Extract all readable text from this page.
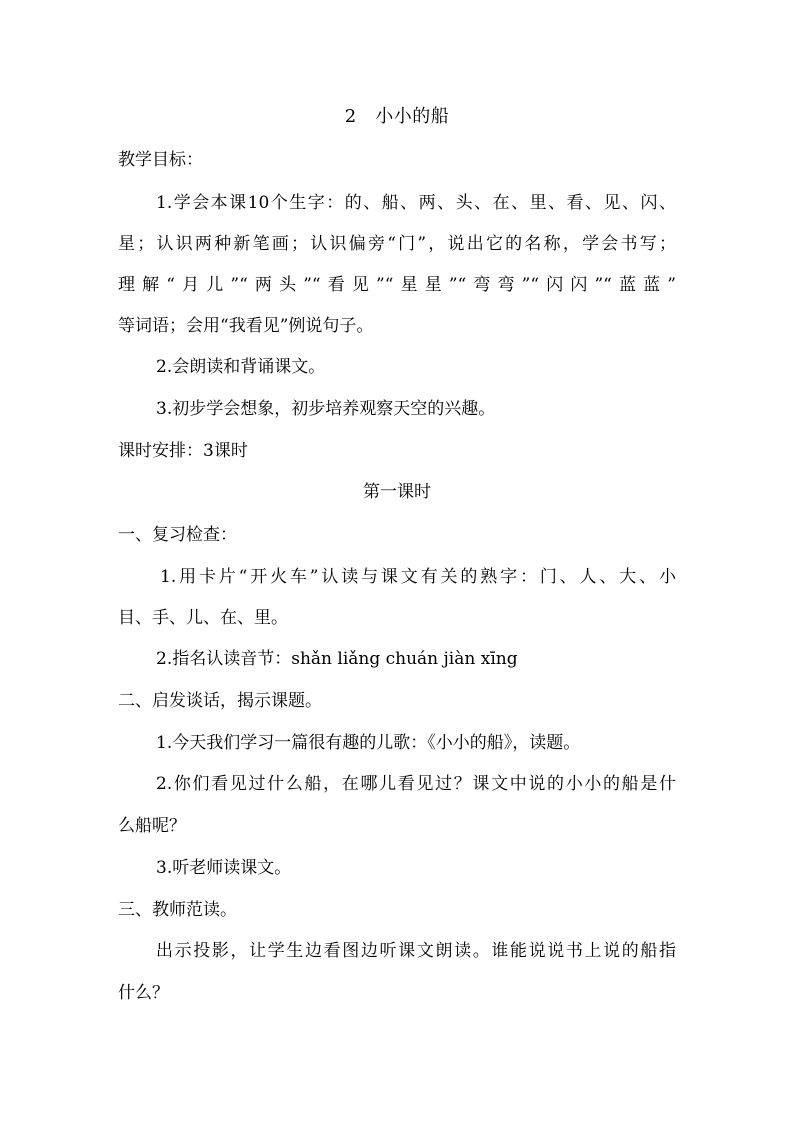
2　小小的船
教学目标：
1.学会本课10个生字：的、船、两、头、在、里、看、见、闪、
星；认识两种新笔画；认识偏旁“门”，说出它的名称，学会书写；
理解“月儿”“两头”“看见”“星星”“弯弯”“闪闪”“蓝蓝”
等词语；会用“我看见”例说句子。
2.会朗读和背诵课文。
3.初步学会想象，初步培养观察天空的兴趣。
课时安排：3课时
第一课时
一、复习检查：
1.用卡片“开火车”认读与课文有关的熟字：门、人、大、小
目、手、儿、在、里。
2.指名认读音节：shǎn liǎng chuán jiàn xīng
二、启发谈话，揭示课题。
1.今天我们学习一篇很有趣的儿歌：《小小的船》，读题。
2.你们看见过什么船，在哪儿看见过？课文中说的小小的船是什
么船呢？
3.听老师读课文。
三、教师范读。
出示投影，让学生边看图边听课文朗读。谁能说说书上说的船指
什么？
